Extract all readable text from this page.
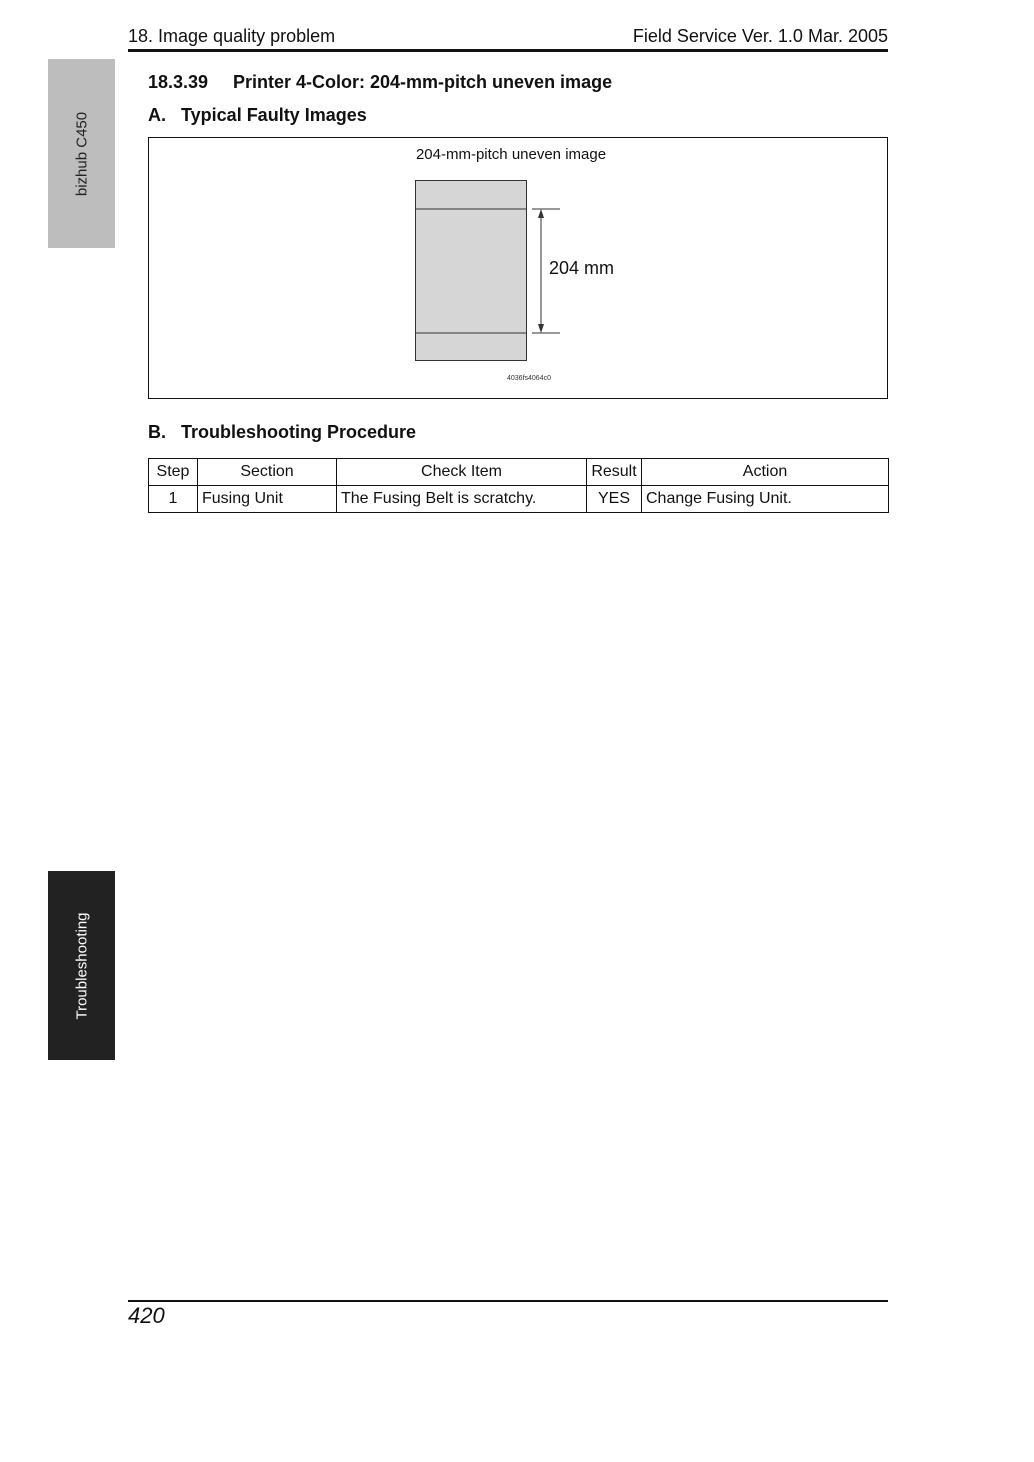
18. Image quality problem	Field Service Ver. 1.0 Mar. 2005
bizhub C450
Troubleshooting
18.3.39 Printer 4-Color: 204-mm-pitch uneven image
A. Typical Faulty Images
204-mm-pitch uneven image
204 mm
4036fs4064c0
B. Troubleshooting Procedure
Step	Section	Check Item	Result	Action
1	Fusing Unit	The Fusing Belt is scratchy.	YES	Change Fusing Unit.
420
